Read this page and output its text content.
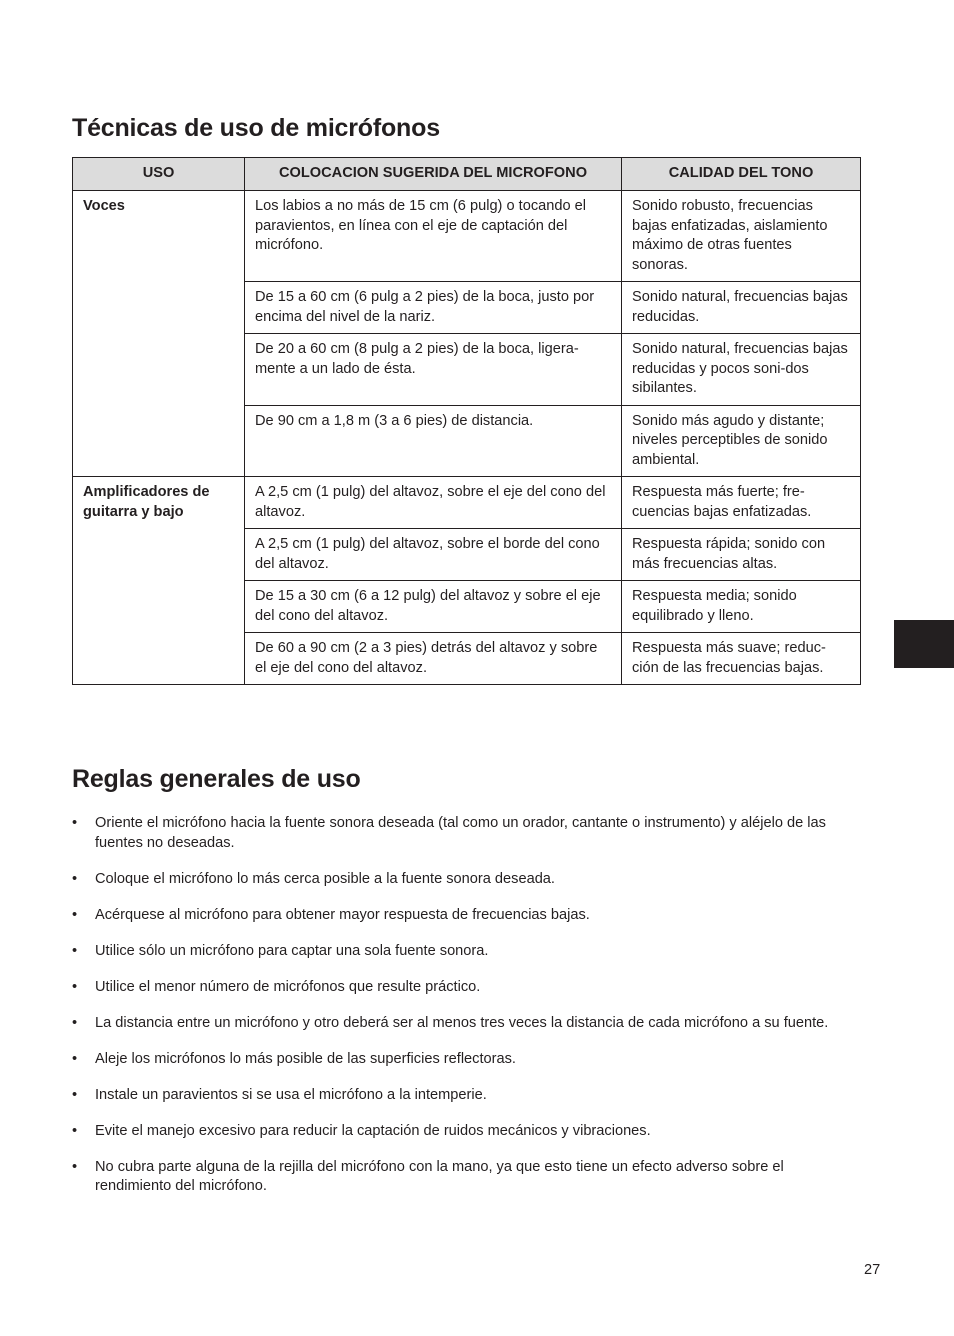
Técnicas de uso de micrófonos
USO	COLOCACION SUGERIDA DEL MICROFONO	CALIDAD DEL TONO
Voces	Los labios a no más de 15 cm (6 pulg) o tocando el paravientos, en línea con el eje de captación del micrófono.	Sonido robusto, frecuencias bajas enfatizadas, aislamiento máximo de otras fuentes sonoras.
	De 15 a 60 cm (6 pulg a 2 pies) de la boca, justo por encima del nivel de la nariz.	Sonido natural, frecuencias bajas reducidas.
	De 20 a 60 cm (8 pulg a 2 pies) de la boca, ligera-mente a un lado de ésta.	Sonido natural, frecuencias bajas reducidas y pocos soni-dos sibilantes.
	De 90 cm a 1,8 m (3 a 6 pies) de distancia.	Sonido más agudo y distante; niveles perceptibles de sonido ambiental.
Amplificadores de guitarra y bajo	A 2,5 cm (1 pulg) del altavoz, sobre el eje del cono del altavoz.	Respuesta más fuerte; fre-cuencias bajas enfatizadas.
	A 2,5 cm (1 pulg) del altavoz, sobre el borde del cono del altavoz.	Respuesta rápida; sonido con más frecuencias altas.
	De 15 a 30 cm (6 a 12 pulg) del altavoz y sobre el eje del cono del altavoz.	Respuesta media; sonido equilibrado y lleno.
	De 60 a 90 cm (2 a 3 pies) detrás del altavoz y sobre el eje del cono del altavoz.	Respuesta más suave; reduc-ción de las frecuencias bajas.
Reglas generales de uso
• Oriente el micrófono hacia la fuente sonora deseada (tal como un orador, cantante o instrumento) y aléjelo de las fuentes no deseadas.
• Coloque el micrófono lo más cerca posible a la fuente sonora deseada.
• Acérquese al micrófono para obtener mayor respuesta de frecuencias bajas.
• Utilice sólo un micrófono para captar una sola fuente sonora.
• Utilice el menor número de micrófonos que resulte práctico.
• La distancia entre un micrófono y otro deberá ser al menos tres veces la distancia de cada micrófono a su fuente.
• Aleje los micrófonos lo más posible de las superficies reflectoras.
• Instale un paravientos si se usa el micrófono a la intemperie.
• Evite el manejo excesivo para reducir la captación de ruidos mecánicos y vibraciones.
• No cubra parte alguna de la rejilla del micrófono con la mano, ya que esto tiene un efecto adverso sobre el rendimiento del micrófono.
27
